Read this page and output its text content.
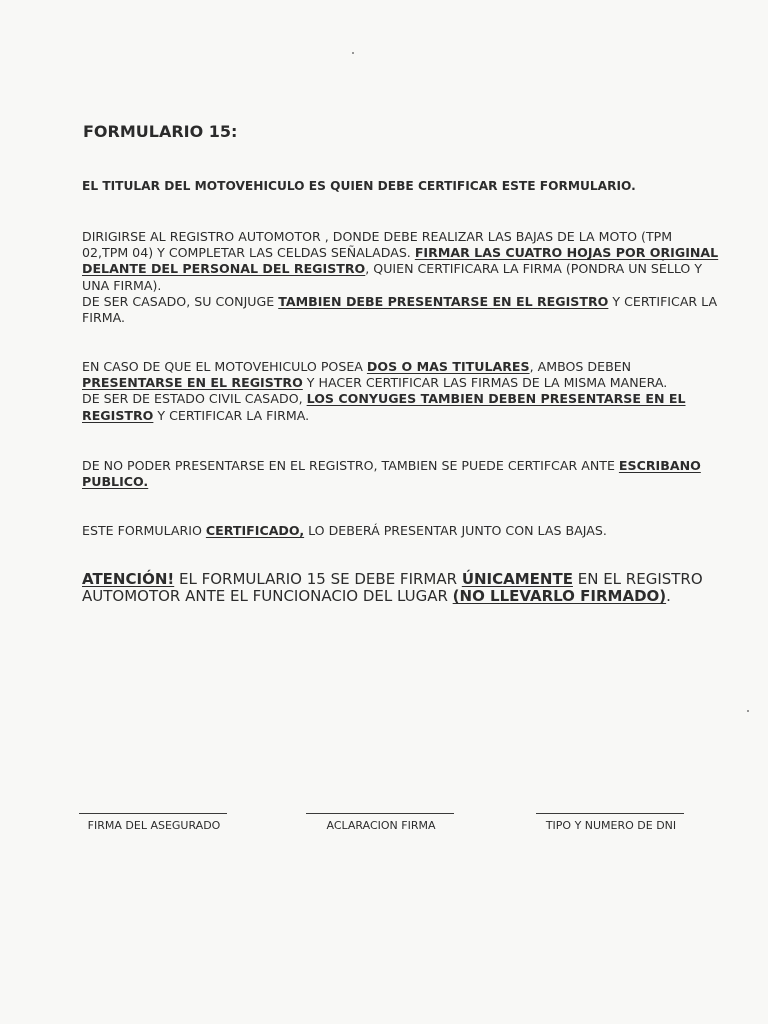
FORMULARIO 15:
EL TITULAR DEL MOTOVEHICULO ES QUIEN DEBE CERTIFICAR ESTE FORMULARIO.
DIRIGIRSE AL REGISTRO AUTOMOTOR , DONDE DEBE REALIZAR LAS BAJAS DE LA MOTO (TPM 02,TPM 04) Y COMPLETAR LAS CELDAS SEÑALADAS. FIRMAR LAS CUATRO HOJAS POR ORIGINAL DELANTE DEL PERSONAL DEL REGISTRO, QUIEN CERTIFICARA LA FIRMA (PONDRA UN SELLO Y UNA FIRMA).
DE SER CASADO, SU CONJUGE TAMBIEN DEBE PRESENTARSE EN EL REGISTRO Y CERTIFICAR LA FIRMA.
EN CASO DE QUE EL MOTOVEHICULO POSEA DOS O MAS TITULARES, AMBOS DEBEN PRESENTARSE EN EL REGISTRO Y HACER CERTIFICAR LAS FIRMAS DE LA MISMA MANERA.
DE SER DE ESTADO CIVIL CASADO, LOS CONYUGES TAMBIEN DEBEN PRESENTARSE EN EL REGISTRO Y CERTIFICAR LA FIRMA.
DE NO PODER PRESENTARSE EN EL REGISTRO, TAMBIEN SE PUEDE CERTIFCAR ANTE ESCRIBANO PUBLICO.
ESTE FORMULARIO CERTIFICADO, LO DEBERÁ PRESENTAR JUNTO CON LAS BAJAS.
ATENCIÓN! EL FORMULARIO 15 SE DEBE FIRMAR ÚNICAMENTE EN EL REGISTRO AUTOMOTOR ANTE EL FUNCIONACIO DEL LUGAR (NO LLEVARLO FIRMADO).
FIRMA DEL ASEGURADO	ACLARACION FIRMA	TIPO Y NUMERO DE DNI
